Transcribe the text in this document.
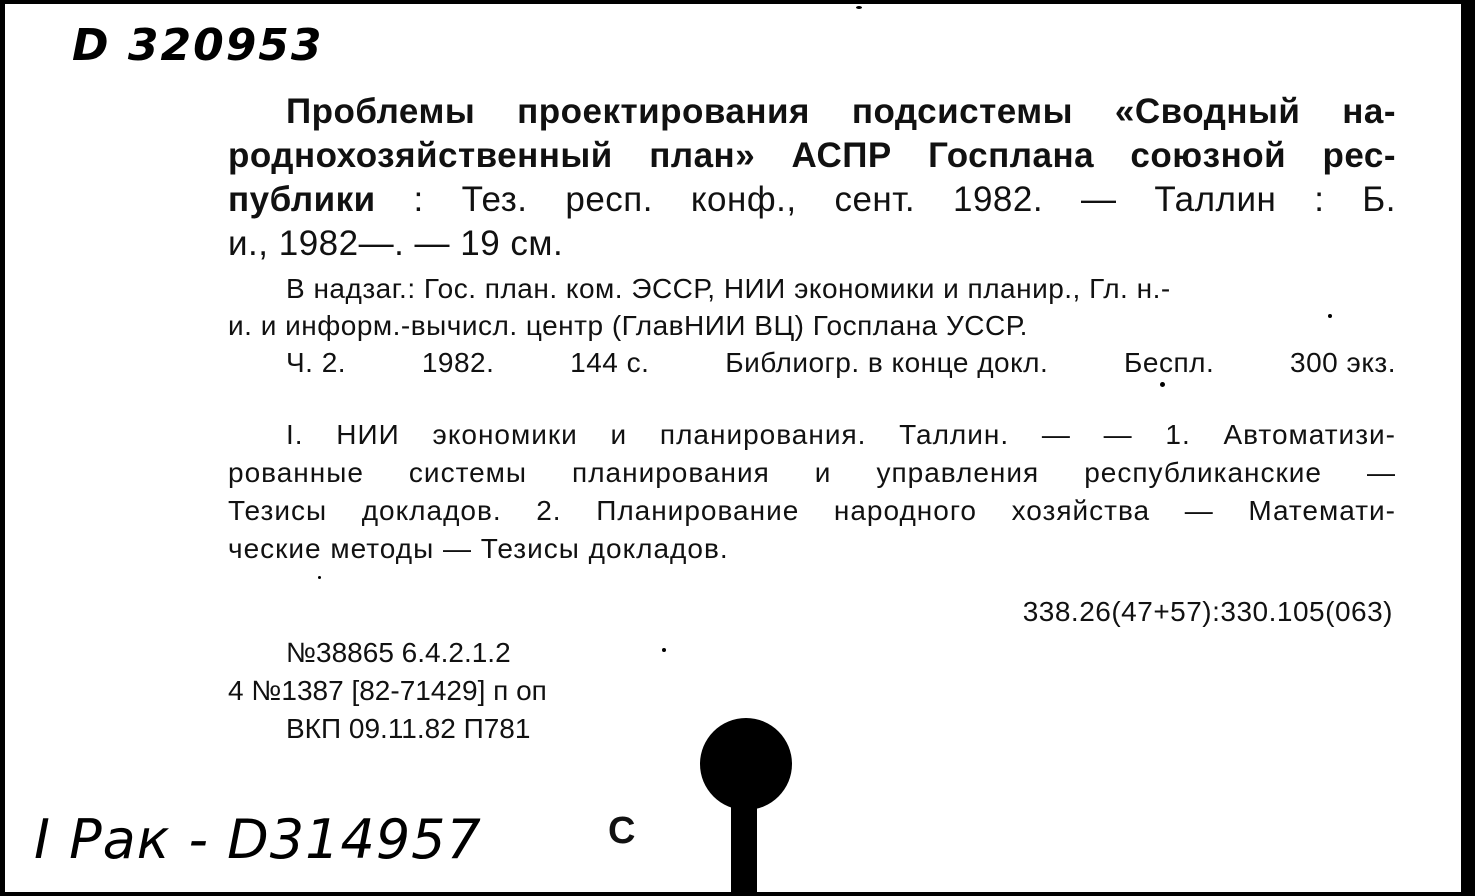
D 320953
Проблемы проектирования подсистемы «Сводный на-
роднохозяйственный план» АСПР Госплана союзной рес-
публики : Тез. респ. конф., сент. 1982. — Таллин : Б.
и., 1982—. — 19 см.
В надзаг.: Гос. план. ком. ЭССР, НИИ экономики и планир., Гл. н.-
и. и информ.-вычисл. центр (ГлавНИИ ВЦ) Госплана УССР.
Ч. 2.	1982.	144 с.	Библиогр. в конце докл.	Беспл.	300 экз.
I. НИИ экономики и планирования. Таллин. — — 1. Автоматизи-
рованные системы планирования и управления республиканские —
Тезисы докладов. 2. Планирование народного хозяйства — Математи-
ческие методы — Тезисы докладов.
338.26(47+57):330.105(063)
№38865 6.4.2.1.2
4 №1387 [82-71429] п оп
ВКП 09.11.82 П781
С
I Рак - D314957
